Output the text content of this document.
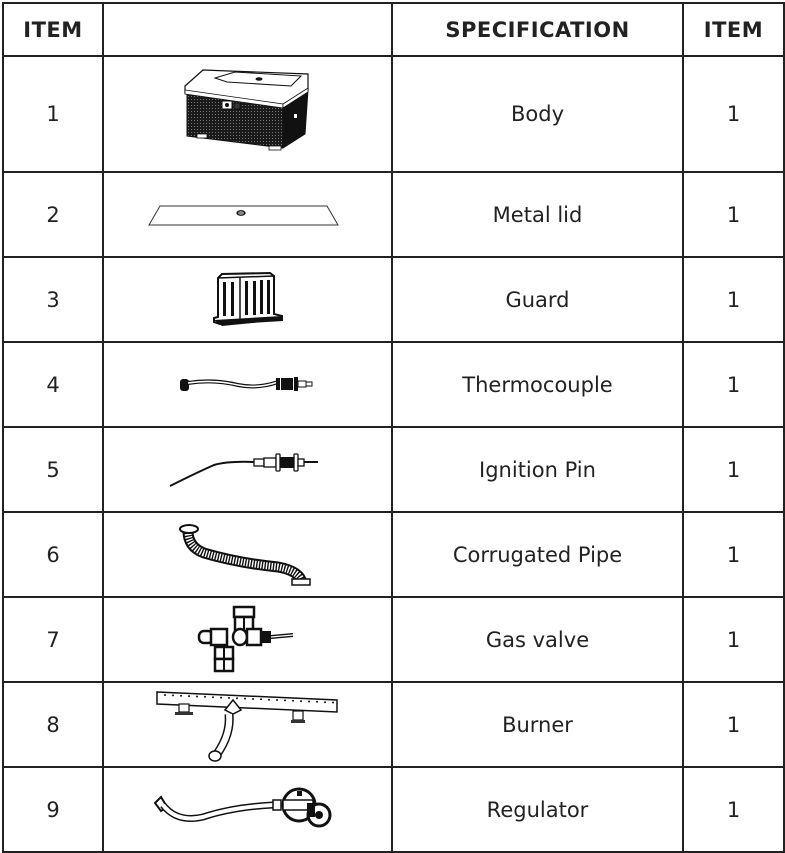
ITEM		SPECIFICATION	ITEM
1		Body	1
2		Metal lid	1
3		Guard	1
4		Thermocouple	1
5		Ignition Pin	1
6		Corrugated Pipe	1
7		Gas valve	1
8		Burner	1
9		Regulator	1
